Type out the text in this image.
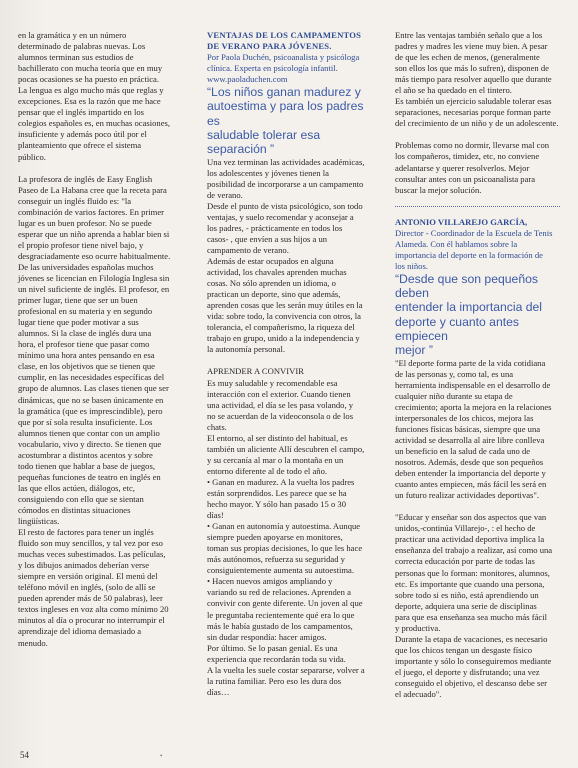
en la gramática y en un número
determinado de palabras nuevas. Los
alumnos terminan sus estudios de
bachillerato con mucha teoría que en muy
pocas ocasiones se ha puesto en práctica.
La lengua es algo mucho más que reglas y
excepciones. Esa es la razón que me hace
pensar que el inglés impartido en los
colegios españoles es, en muchas ocasiones,
insuficiente y además poco útil por el
planteamiento que ofrece el sistema
público.

La profesora de inglés de Easy English
Paseo de La Habana cree que la receta para
conseguir un inglés fluido es: "la
combinación de varios factores. En primer
lugar es un buen profesor. No se puede
esperar que un niño aprenda a hablar bien si
el propio profesor tiene nivel bajo, y
desgraciadamente eso ocurre habitualmente.
De las universidades españolas muchos
jóvenes se licencian en Filología Inglesa sin
un nivel suficiente de inglés. El profesor, en
primer lugar, tiene que ser un buen
profesional en su materia y en segundo
lugar tiene que poder motivar a sus
alumnos. Si la clase de inglés dura una
hora, el profesor tiene que pasar como
mínimo una hora antes pensando en esa
clase, en los objetivos que se tienen que
cumplir, en las necesidades específicas del
grupo de alumnos. Las clases tienen que ser
dinámicas, que no se basen únicamente en
la gramática (que es imprescindible), pero
que por sí sola resulta insuficiente. Los
alumnos tienen que contar con un amplio
vocabulario, vivo y directo. Se tienen que
acostumbrar a distintos acentos y sobre
todo tienen que hablar a base de juegos,
pequeñas funciones de teatro en inglés en
las que ellos actúen, diálogos, etc,
consiguiendo con ello que se sientan
cómodos en distintas situaciones
lingüísticas.
El resto de factores para tener un inglés
fluido son muy sencillos, y tal vez por eso
muchas veces subestimados. Las películas,
y los dibujos animados deberían verse
siempre en versión original. El menú del
teléfono móvil en inglés, (solo de allí se
pueden aprender más de 50 palabras), leer
textos ingleses en voz alta como mínimo 20
minutos al día o procurar no interrumpir el
aprendizaje del idioma demasiado a
menudo.

VENTAJAS DE LOS CAMPAMENTOS
DE VERANO PARA JÓVENES.

Por Paola Duchén, psicoanalista y psicóloga
clínica. Experta en psicología infantil.
www.paoladuchen.com

“Los niños ganan madurez y
autoestima y para los padres es
saludable tolerar esa separación ”

Una vez terminan las actividades académicas,
los adolescentes y jóvenes tienen la
posibilidad de incorporarse a un campamento
de verano.
Desde el punto de vista psicológico, son todo
ventajas, y suelo recomendar y aconsejar a
los padres, - prácticamente en todos los
casos- , que envíen a sus hijos a un
campamento de verano.
Además de estar ocupados en alguna
actividad, los chavales aprenden muchas
cosas. No sólo aprenden un idioma, o
practican un deporte, sino que además,
aprenden cosas que les serán muy útiles en la
vida: sobre todo, la convivencia con otros, la
tolerancia, el compañerismo, la riqueza del
trabajo en grupo, unido a la independencia y
la autonomía personal.

APRENDER A CONVIVIR

Es muy saludable y recomendable esa
interacción con el exterior. Cuando tienen
una actividad, el día se les pasa volando, y
no se acuerdan de la videoconsola o de los
chats.
El entorno, al ser distinto del habitual, es
también un aliciente Allí descubren el campo,
y su cercanía al mar o la montaña en un
entorno diferente al de todo el año.
• Ganan en madurez. A la vuelta los padres
están sorprendidos. Les parece que se ha
hecho mayor. Y sólo han pasado 15 o 30
días!
• Ganan en autonomía y autoestima. Aunque
siempre pueden apoyarse en monitores,
toman sus propias decisiones, lo que les hace
más autónomos, refuerza su seguridad y
consiguientemente aumenta su autoestima.
• Hacen nuevos amigos ampliando y
variando su red de relaciones. Aprenden a
convivir con gente diferente. Un joven al que
le preguntaba recientemente qué era lo que
más le había gustado de los campamentos,
sin dudar respondía: hacer amigos.
Por último. Se lo pasan genial. Es una
experiencia que recordarán toda su vida.
A la vuelta les suele costar separarse, volver a
la rutina familiar. Pero eso les dura dos
días…

Entre las ventajas también señalo que a los
padres y madres les viene muy bien. A pesar
de que les echen de menos, (generalmente
son ellos los que más lo sufren), disponen de
más tiempo para resolver aquello que durante
el año se ha quedado en el tintero.
Es también un ejercicio saludable tolerar esas
separaciones, necesarias porque forman parte
del crecimiento de un niño y de un adolescente.

Problemas como no dormir, llevarse mal con
los compañeros, timidez, etc, no conviene
adelantarse y querer resolverlos. Mejor
consultar antes con un psicoanalista para
buscar la mejor solución.

ANTONIO VILLAREJO GARCÍA,

Director - Coordinador de la Escuela de Tenis
Alameda. Con él hablamos sobre la
importancia del deporte en la formación de
los niños.

“Desde que son pequeños deben
entender la importancia del
deporte y cuanto antes empiecen
mejor ”

"El deporte forma parte de la vida cotidiana
de las personas y, como tal, es una
herramienta indispensable en el desarrollo de
cualquier niño durante su etapa de
crecimiento; aporta la mejora en la relaciones
interpersonales de los chicos, mejora las
funciones físicas básicas, siempre que una
actividad se desarrolla al aire libre conlleva
un beneficio en la salud de cada uno de
nosotros. Además, desde que son pequeños
deben entender la importancia del deporte y
cuanto antes empiecen, más fácil les será en
un futuro realizar actividades deportivas".

"Educar y enseñar son dos aspectos que van
unidos,-continúa Villarejo-, : el hecho de
practicar una actividad deportiva implica la
enseñanza del trabajo a realizar, así como una
correcta educación por parte de todas las
personas que lo forman: monitores, alumnos,
etc. Es importante que cuando una persona,
sobre todo si es niño, está aprendiendo un
deporte, adquiera una serie de disciplinas
para que esa enseñanza sea mucho más fácil
y productiva.
Durante la etapa de vacaciones, es necesario
que los chicos tengan un desgaste físico
importante y sólo lo conseguiremos mediante
el juego, el deporte y disfrutando; una vez
conseguido el objetivo, el descanso debe ser
el adecuado".

54	•
